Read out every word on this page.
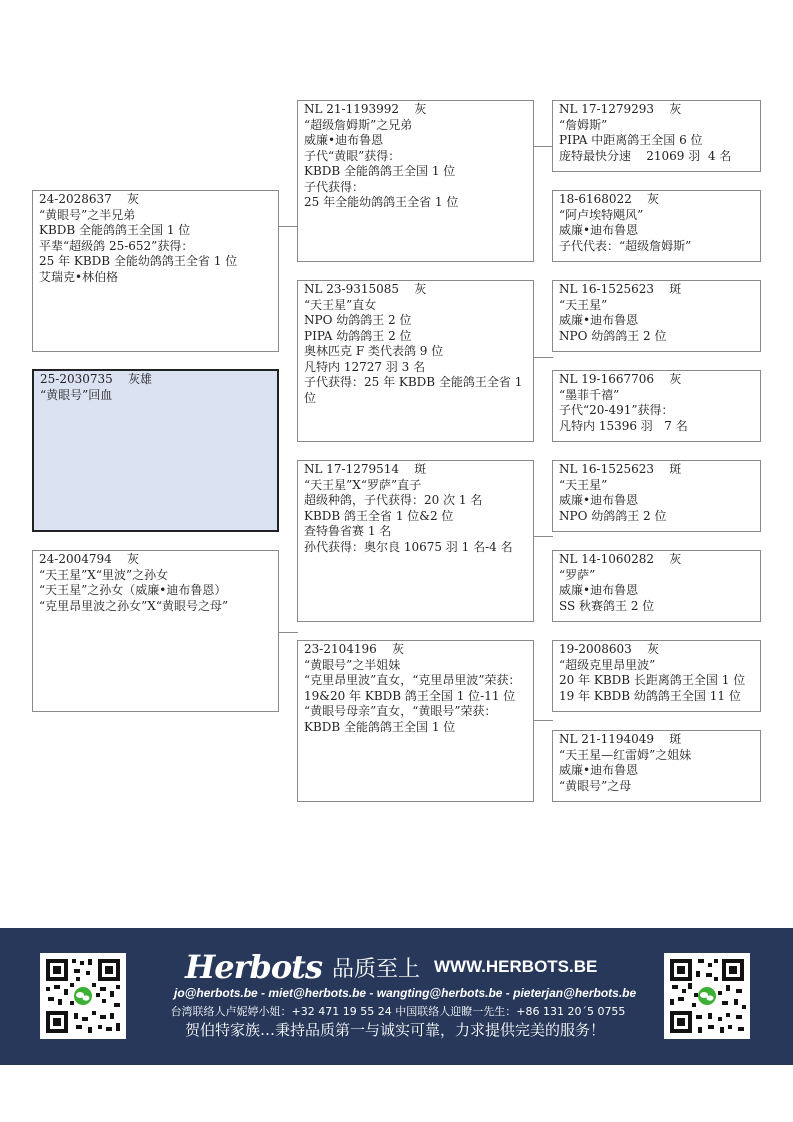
25-2030735    灰雄
“黄眼号”回血
24-2028637    灰
“黄眼号”之半兄弟
KBDB 全能鸽鸽王全国 1 位
平辈“超级鸽 25-652”获得：
25 年 KBDB 全能幼鸽鸽王全省 1 位
艾瑞克•林伯格
24-2004794    灰
“天王星”X“里波”之孙女
“天王星”之孙女（威廉•迪布鲁恩）
“克里昂里波之孙女”X“黄眼号之母”
NL 21-1193992    灰
“超级詹姆斯”之兄弟
威廉•迪布鲁恩
子代“黄眼”获得：
KBDB 全能鸽鸽王全国 1 位
子代获得：
25 年全能幼鸽鸽王全省 1 位
NL 23-9315085    灰
“天王星”直女
NPO 幼鸽鸽王 2 位
PIPA 幼鸽鸽王 2 位
奥林匹克 F 类代表鸽 9 位
凡特内 12727 羽 3 名
子代获得：25 年 KBDB 全能鸽王全省 1 位
NL 17-1279514    斑
“天王星”X“罗萨”直子
超级种鸽，子代获得：20 次 1 名
KBDB 鸽王全省 1 位&2 位
查特鲁省赛 1 名
孙代获得：奥尔良 10675 羽 1 名-4 名
23-2104196    灰
“黄眼号”之半姐妹
“克里昂里波”直女，“克里昂里波”荣获：19&20 年 KBDB 鸽王全国 1 位-11 位
“黄眼号母亲”直女，“黄眼号”荣获：
KBDB 全能鸽鸽王全国 1 位
NL 17-1279293    灰
“詹姆斯”
PIPA 中距离鸽王全国 6 位
庞特最快分速    21069 羽  4 名
18-6168022    灰
“阿卢埃特飓风”
威廉•迪布鲁恩
子代代表：“超级詹姆斯”
NL 16-1525623    斑
“天王星”
威廉•迪布鲁恩
NPO 幼鸽鸽王 2 位
NL 19-1667706    灰
“墨菲千禧”
子代“20-491”获得：
凡特内 15396 羽   7 名
NL 16-1525623    斑
“天王星”
威廉•迪布鲁恩
NPO 幼鸽鸽王 2 位
NL 14-1060282    灰
“罗萨”
威廉•迪布鲁恩
SS 秋赛鸽王 2 位
19-2008603    灰
“超级克里昂里波”
20 年 KBDB 长距离鸽王全国 1 位
19 年 KBDB 幼鸽鸽王全国 11 位
NL 21-1194049    斑
“天王星—红雷姆”之姐妹
威廉•迪布鲁恩
“黄眼号”之母
Herbots 品质至上 WWW.HERBOTS.BE
jo@herbots.be - miet@herbots.be - wangting@herbots.be - pieterjan@herbots.be
台湾联络人卢妮婷小姐：+32 471 19 55 24 中国联络人迎瞭一先生：+86 131 20´5 0755
贺伯特家族…秉持品质第一与诚实可靠，力求提供完美的服务！
